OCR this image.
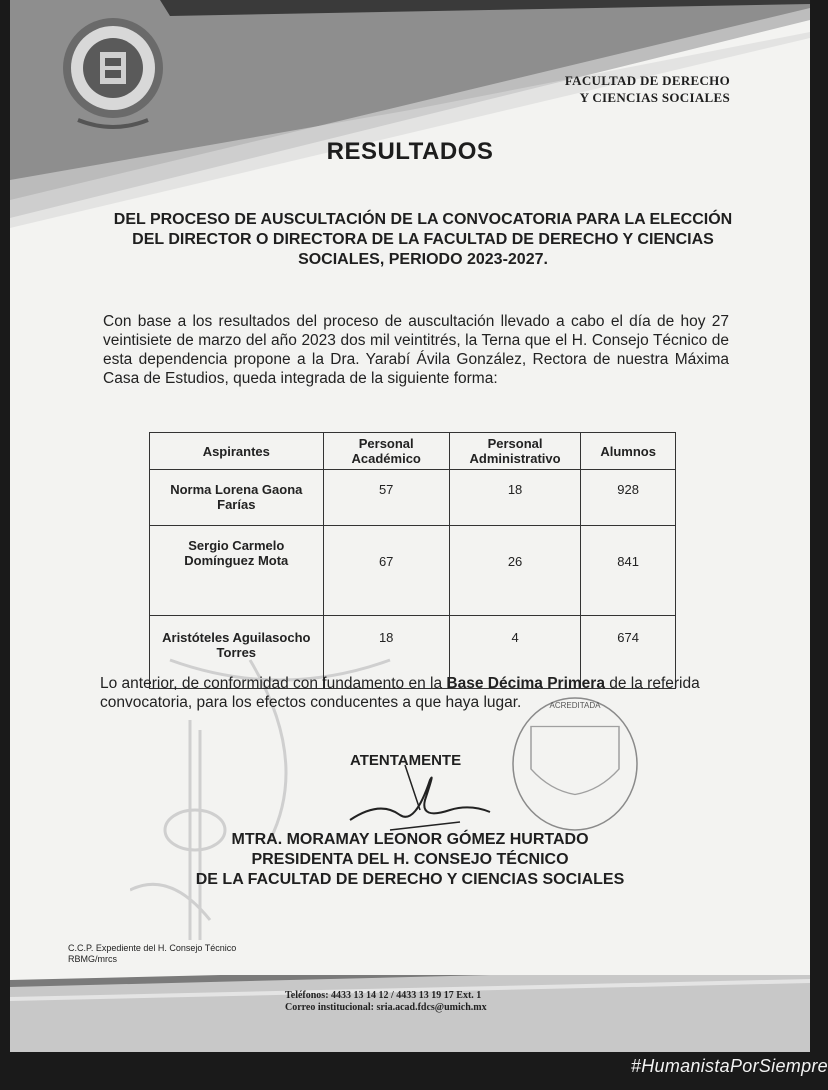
FACULTAD DE DERECHO
Y CIENCIAS SOCIALES
RESULTADOS
DEL PROCESO DE AUSCULTACIÓN DE LA CONVOCATORIA PARA LA ELECCIÓN DEL DIRECTOR O DIRECTORA DE LA FACULTAD DE DERECHO Y CIENCIAS SOCIALES, PERIODO 2023-2027.
Con base a los resultados del proceso de auscultación llevado a cabo el día de hoy 27 veintisiete de marzo del año 2023 dos mil veintitrés, la Terna que el H. Consejo Técnico de esta dependencia propone a la Dra. Yarabí Ávila González, Rectora de nuestra Máxima Casa de Estudios, queda integrada de la siguiente forma:
Aspirantes	Personal Académico	Personal Administrativo	Alumnos
Norma Lorena Gaona Farías	57	18	928
Sergio Carmelo Domínguez Mota	67	26	841
Aristóteles Aguilasocho Torres	18	4	674
Lo anterior, de conformidad con fundamento en la Base Décima Primera de la referida convocatoria, para los efectos conducentes a que haya lugar.	ACREDITADA
ATENTAMENTE
MTRA. MORAMAY LEONOR GÓMEZ HURTADO
PRESIDENTA DEL H. CONSEJO TÉCNICO
DE LA FACULTAD DE DERECHO Y CIENCIAS SOCIALES
C.C.P. Expediente del H. Consejo Técnico
RBMG/mrcs
Teléfonos: 4433 13 14 12 / 4433 13 19 17 Ext. 1
Correo institucional: sria.acad.fdcs@umich.mx
#HumanistaPorSiempre
